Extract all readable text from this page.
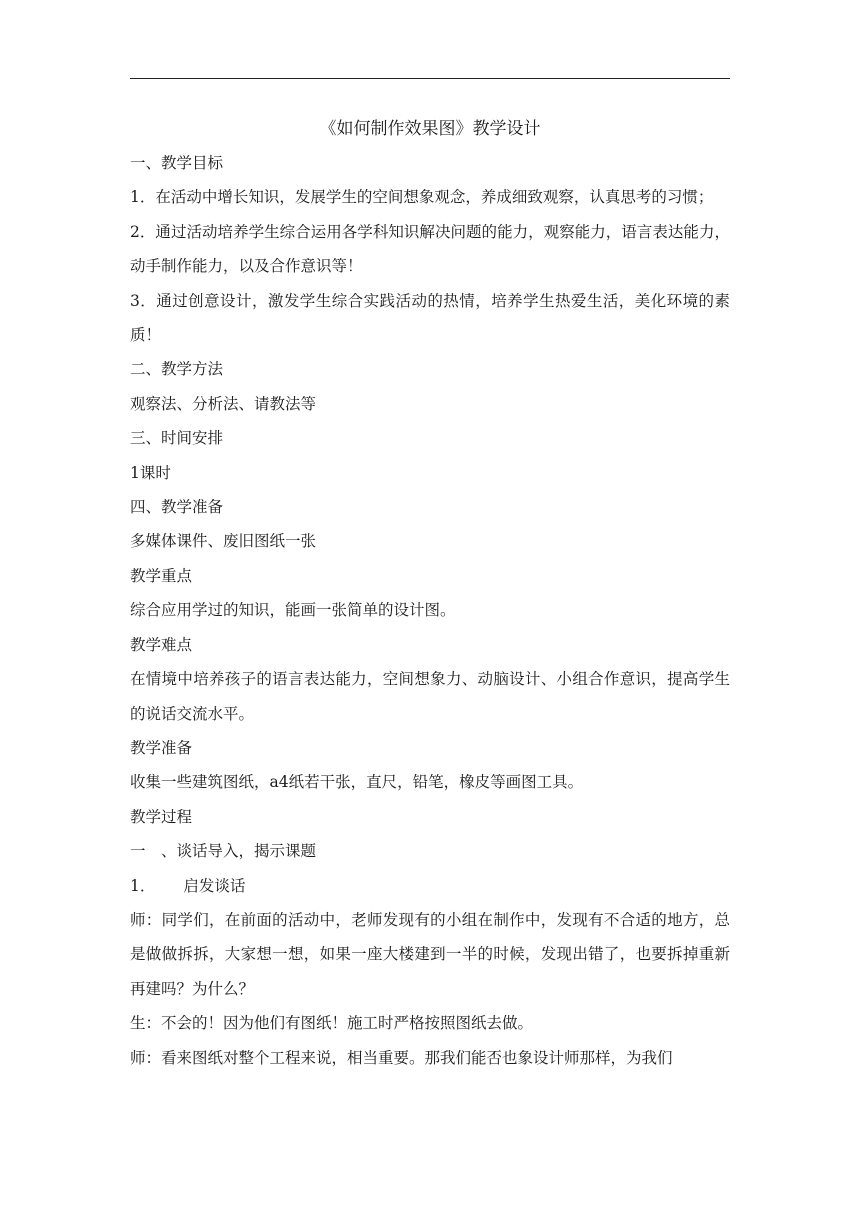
《如何制作效果图》教学设计

一、教学目标

1．在活动中增长知识，发展学生的空间想象观念，养成细致观察，认真思考的习惯；

2．通过活动培养学生综合运用各学科知识解决问题的能力，观察能力，语言表达能力，动手制作能力，以及合作意识等！

3．通过创意设计，激发学生综合实践活动的热情，培养学生热爱生活，美化环境的素质！

二、教学方法

观察法、分析法、请教法等

三、时间安排

1课时

四、教学准备

多媒体课件、废旧图纸一张

教学重点

综合应用学过的知识，能画一张简单的设计图。

教学难点

在情境中培养孩子的语言表达能力，空间想象力、动脑设计、小组合作意识，提高学生的说话交流水平。

教学准备

收集一些建筑图纸，a4纸若干张，直尺，铅笔，橡皮等画图工具。

教学过程

一　、谈话导入，揭示课题

1． 启发谈话

师：同学们，在前面的活动中，老师发现有的小组在制作中，发现有不合适的地方，总是做做拆拆，大家想一想，如果一座大楼建到一半的时候，发现出错了，也要拆掉重新再建吗？为什么？

生：不会的！因为他们有图纸！施工时严格按照图纸去做。

师：看来图纸对整个工程来说，相当重要。那我们能否也象设计师那样，为我们
